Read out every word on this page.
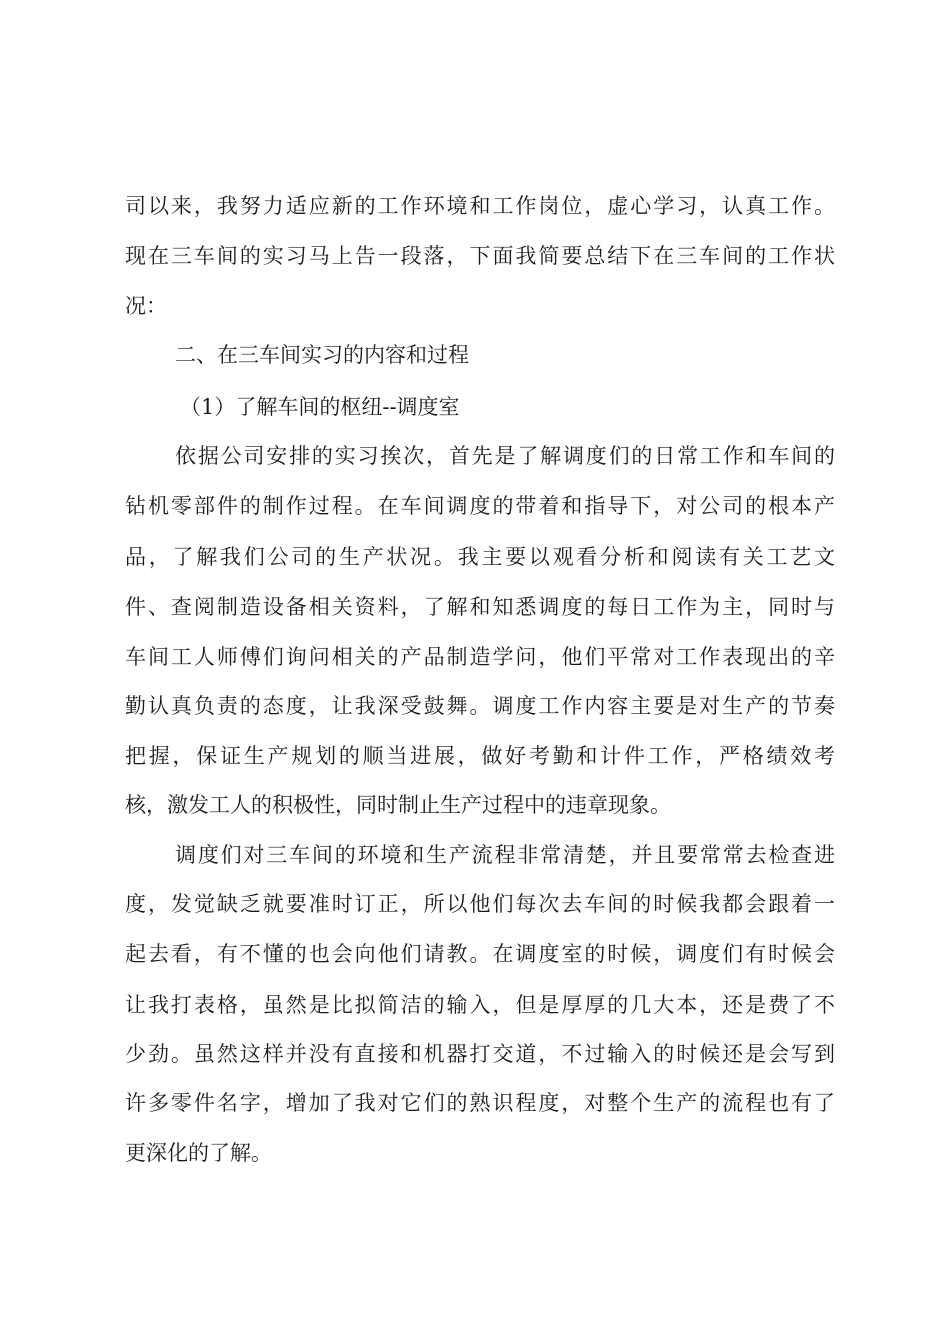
司以来，我努力适应新的工作环境和工作岗位，虚心学习，认真工作。
现在三车间的实习马上告一段落，下面我简要总结下在三车间的工作状
况：
二、在三车间实习的内容和过程
（1）了解车间的枢纽--调度室
依据公司安排的实习挨次，首先是了解调度们的日常工作和车间的
钻机零部件的制作过程。在车间调度的带着和指导下，对公司的根本产
品，了解我们公司的生产状况。我主要以观看分析和阅读有关工艺文
件、查阅制造设备相关资料，了解和知悉调度的每日工作为主，同时与
车间工人师傅们询问相关的产品制造学问，他们平常对工作表现出的辛
勤认真负责的态度，让我深受鼓舞。调度工作内容主要是对生产的节奏
把握，保证生产规划的顺当进展，做好考勤和计件工作，严格绩效考
核，激发工人的积极性，同时制止生产过程中的违章现象。
调度们对三车间的环境和生产流程非常清楚，并且要常常去检查进
度，发觉缺乏就要准时订正，所以他们每次去车间的时候我都会跟着一
起去看，有不懂的也会向他们请教。在调度室的时候，调度们有时候会
让我打表格，虽然是比拟简洁的输入，但是厚厚的几大本，还是费了不
少劲。虽然这样并没有直接和机器打交道，不过输入的时候还是会写到
许多零件名字，增加了我对它们的熟识程度，对整个生产的流程也有了
更深化的了解。
